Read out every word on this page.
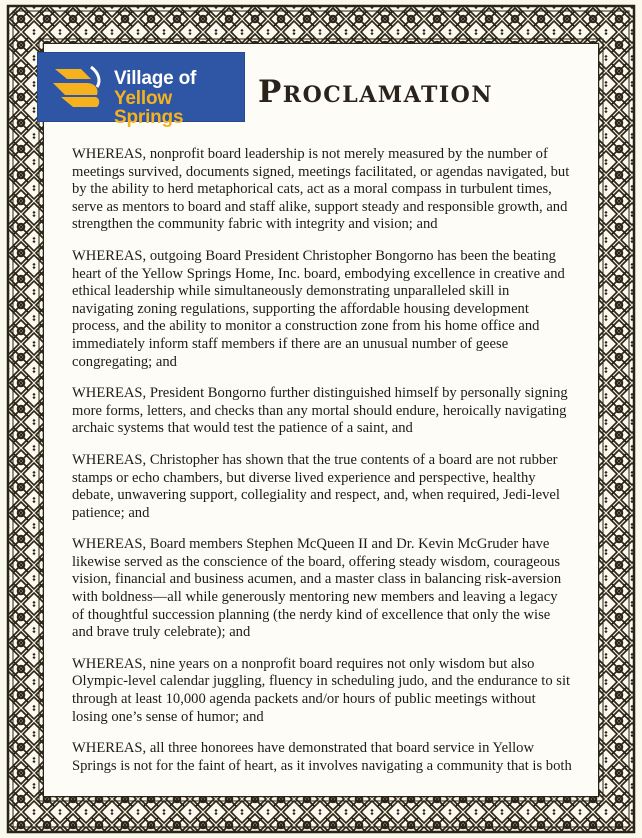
Village of
Yellow Springs
Proclamation

WHEREAS, nonprofit board leadership is not merely measured by the number of meetings survived, documents signed, meetings facilitated, or agendas navigated, but by the ability to herd metaphorical cats, act as a moral compass in turbulent times, serve as mentors to board and staff alike, support steady and responsible growth, and strengthen the community fabric with integrity and vision; and

WHEREAS, outgoing Board President Christopher Bongorno has been the beating heart of the Yellow Springs Home, Inc. board, embodying excellence in creative and ethical leadership while simultaneously demonstrating unparalleled skill in navigating zoning regulations, supporting the affordable housing development process, and the ability to monitor a construction zone from his home office and immediately inform staff members if there are an unusual number of geese congregating; and

WHEREAS, President Bongorno further distinguished himself by personally signing more forms, letters, and checks than any mortal should endure, heroically navigating archaic systems that would test the patience of a saint, and

WHEREAS, Christopher has shown that the true contents of a board are not rubber stamps or echo chambers, but diverse lived experience and perspective, healthy debate, unwavering support, collegiality and respect, and, when required, Jedi-level patience; and

WHEREAS, Board members Stephen McQueen II and Dr. Kevin McGruder have likewise served as the conscience of the board, offering steady wisdom, courageous vision, financial and business acumen, and a master class in balancing risk-aversion with boldness—all while generously mentoring new members and leaving a legacy of thoughtful succession planning (the nerdy kind of excellence that only the wise and brave truly celebrate); and

WHEREAS, nine years on a nonprofit board requires not only wisdom but also Olympic-level calendar juggling, fluency in scheduling judo, and the endurance to sit through at least 10,000 agenda packets and/or hours of public meetings without losing one’s sense of humor; and

WHEREAS, all three honorees have demonstrated that board service in Yellow Springs is not for the faint of heart, as it involves navigating a community that is both
